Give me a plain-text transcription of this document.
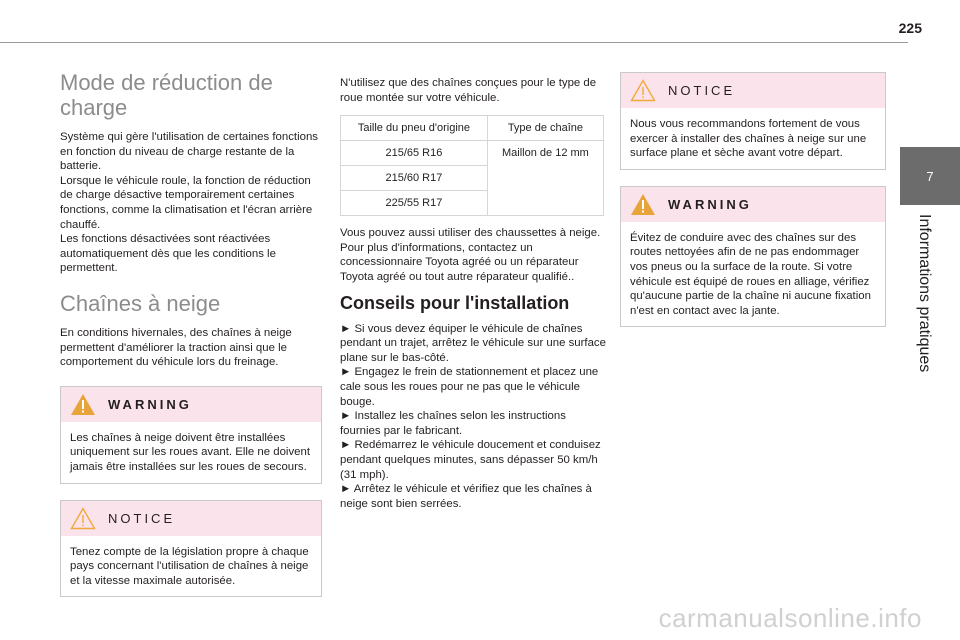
225
7
Informations pratiques
Mode de réduction de charge

Système qui gère l'utilisation de certaines fonctions en fonction du niveau de charge restante de la batterie.
Lorsque le véhicule roule, la fonction de réduction de charge désactive temporairement certaines fonctions, comme la climatisation et l'écran arrière chauffé.
Les fonctions désactivées sont réactivées automatiquement dès que les conditions le permettent.

Chaînes à neige

En conditions hivernales, des chaînes à neige permettent d'améliorer la traction ainsi que le comportement du véhicule lors du freinage.

WARNING
Les chaînes à neige doivent être installées uniquement sur les roues avant. Elle ne doivent jamais être installées sur les roues de secours.
NOTICE
Tenez compte de la législation propre à chaque pays concernant l'utilisation de chaînes à neige et la vitesse maximale autorisée.

N'utilisez que des chaînes conçues pour le type de roue montée sur votre véhicule.

Taille du pneu d'origine	Type de chaîne
215/65 R16	Maillon de 12 mm
215/60 R17	
225/55 R17	

Vous pouvez aussi utiliser des chaussettes à neige.
Pour plus d'informations, contactez un concessionnaire Toyota agréé ou un réparateur Toyota agréé ou tout autre réparateur qualifié..

Conseils pour l'installation

► Si vous devez équiper le véhicule de chaînes pendant un trajet, arrêtez le véhicule sur une surface plane sur le bas-côté.

► Engagez le frein de stationnement et placez une cale sous les roues pour ne pas que le véhicule bouge.

► Installez les chaînes selon les instructions fournies par le fabricant.

► Redémarrez le véhicule doucement et conduisez pendant quelques minutes, sans dépasser 50 km/h (31 mph).

► Arrêtez le véhicule et vérifiez que les chaînes à neige sont bien serrées.

NOTICE
Nous vous recommandons fortement de vous exercer à installer des chaînes à neige sur une surface plane et sèche avant votre départ.
WARNING
Évitez de conduire avec des chaînes sur des routes nettoyées afin de ne pas endommager vos pneus ou la surface de la route. Si votre véhicule est équipé de roues en alliage, vérifiez qu'aucune partie de la chaîne ni aucune fixation n'est en contact avec la jante.
carmanualsonline.info
